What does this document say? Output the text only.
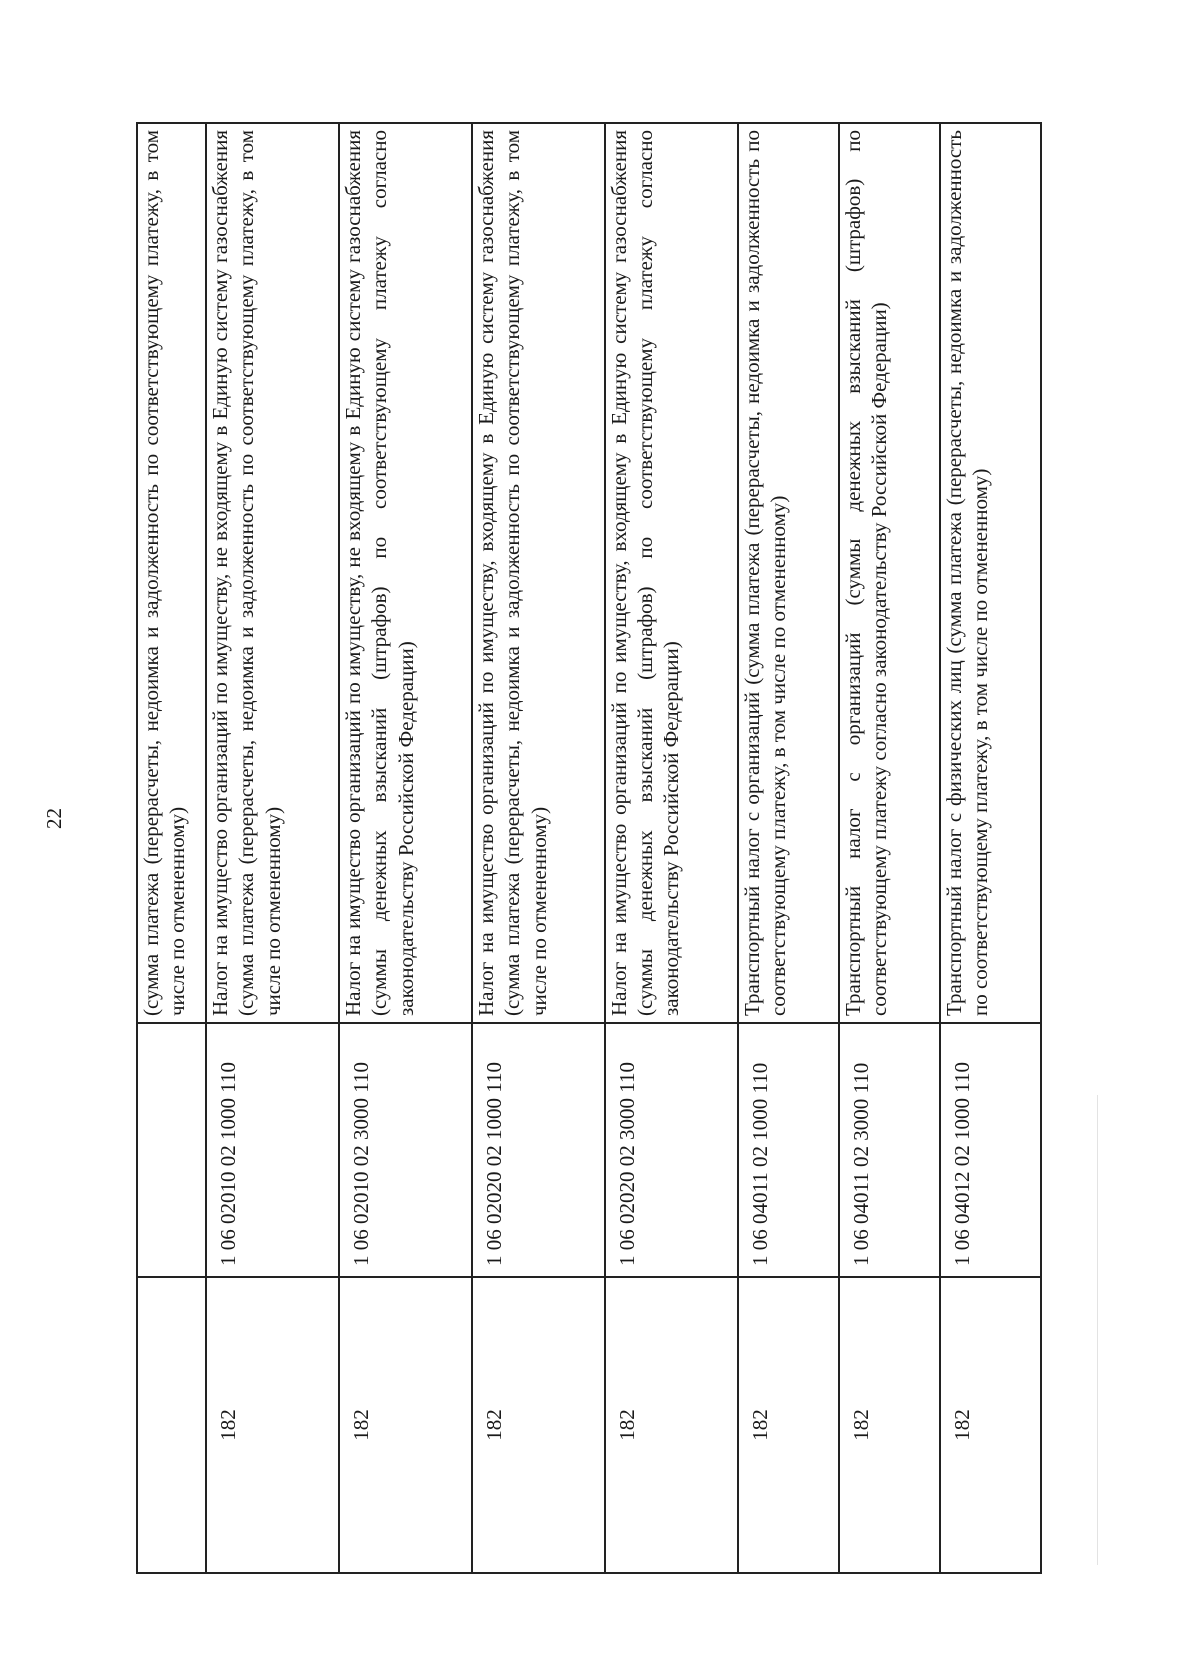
22
			(сумма платежа (перерасчеты, недоимка и задолженность по соответствующему платежу, в том числе по отмененному)
182	1 06 02010 02 1000 110	Налог на имущество организаций по имуществу, не входящему в Единую систему газоснабжения (сумма платежа (перерасчеты, недоимка и задолженность по соответствующему платежу, в том числе по отмененному)
182	1 06 02010 02 3000 110	Налог на имущество организаций по имуществу, не входящему в Единую систему газоснабжения (суммы денежных взысканий (штрафов) по соответствующему платежу согласно законодательству Российской Федерации)
182	1 06 02020 02 1000 110	Налог на имущество организаций по имуществу, входящему в Единую систему газоснабжения (сумма платежа (перерасчеты, недоимка и задолженность по соответствующему платежу, в том числе по отмененному)
182	1 06 02020 02 3000 110	Налог на имущество организаций по имуществу, входящему в Единую систему газоснабжения (суммы денежных взысканий (штрафов) по соответствующему платежу согласно законодательству Российской Федерации)
182	1 06 04011 02 1000 110	Транспортный налог с организаций (сумма платежа (перерасчеты, недоимка и задолженность по соответствующему платежу, в том числе по отмененному)
182	1 06 04011 02 3000 110	Транспортный налог с организаций (суммы денежных взысканий (штрафов) по соответствующему платежу согласно законодательству Российской Федерации)
182	1 06 04012 02 1000 110	Транспортный налог с физических лиц (сумма платежа (перерасчеты, недоимка и задолженность по соответствующему платежу, в том числе по отмененному)
